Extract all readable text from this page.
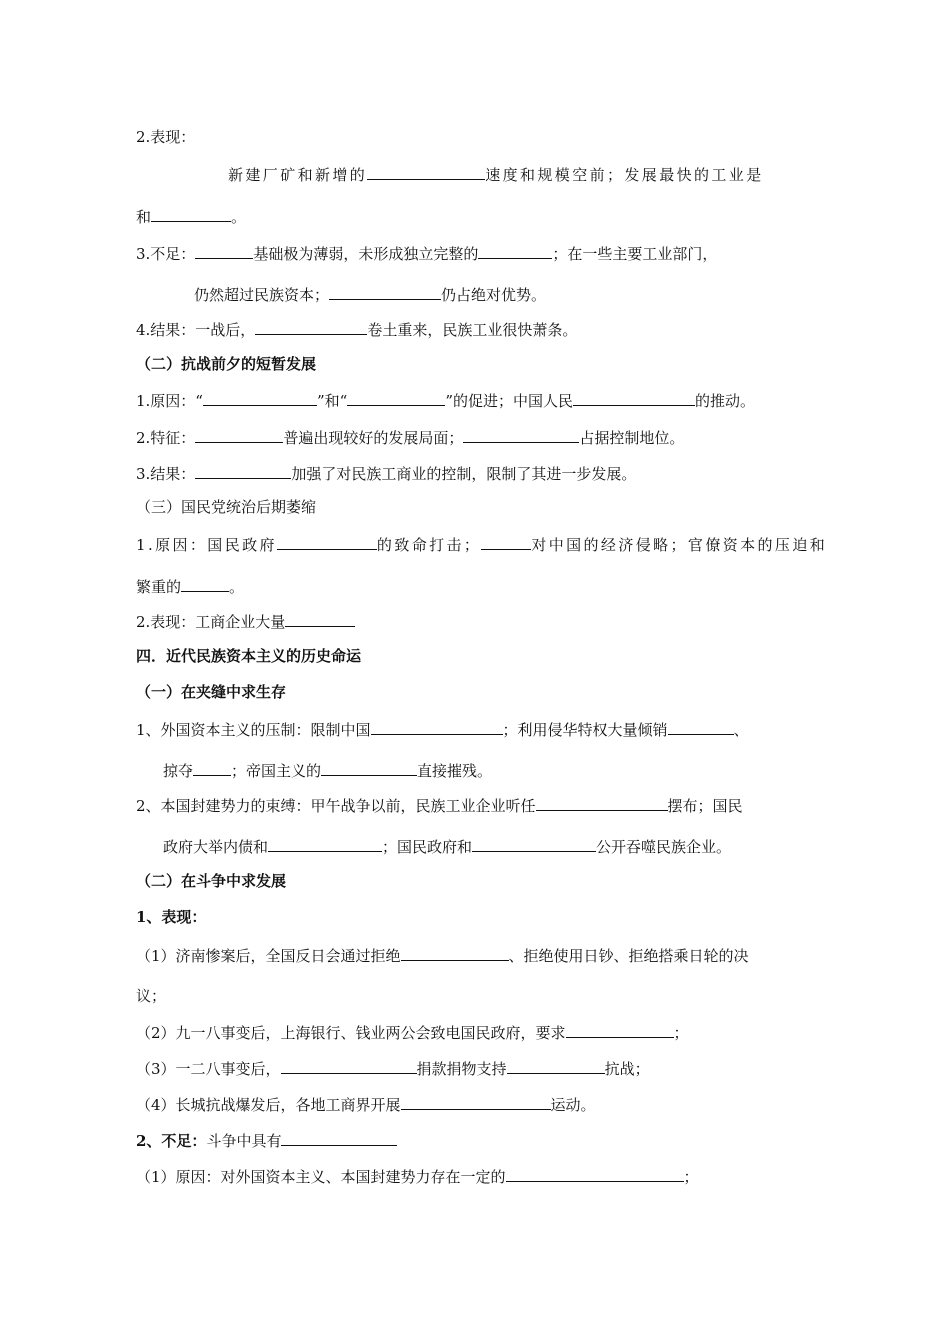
2.表现：
新建厂矿和新增的	速度和规模空前；发展最快的工业是
和	。
3.不足：	基础极为薄弱，未形成独立完整的	；在一些主要工业部门，
仍然超过民族资本；	仍占绝对优势。
4.结果：一战后，	卷土重来，民族工业很快萧条。
（二）抗战前夕的短暂发展
1.原因：“	”和“	”的促进；中国人民	的推动。
2.特征：	普遍出现较好的发展局面；	占据控制地位。
3.结果：	加强了对民族工商业的控制，限制了其进一步发展。
（三）国民党统治后期萎缩
1.原因：国民政府	的致命打击；	对中国的经济侵略；官僚资本的压迫和
繁重的	。
2.表现：工商企业大量
四．近代民族资本主义的历史命运
（一）在夹缝中求生存
1、外国资本主义的压制：限制中国	；利用侵华特权大量倾销	、
掠夺	；帝国主义的	直接摧残。
2、本国封建势力的束缚：甲午战争以前，民族工业企业听任	摆布；国民
政府大举内债和	；国民政府和	公开吞噬民族企业。
（二）在斗争中求发展
1、表现：
（1）济南惨案后，全国反日会通过拒绝	、拒绝使用日钞、拒绝搭乘日轮的决
议；
（2）九一八事变后，上海银行、钱业两公会致电国民政府，要求	；
（3）一二八事变后，	捐款捐物支持	抗战；
（4）长城抗战爆发后，各地工商界开展	运动。
2、不足：斗争中具有
（1）原因：对外国资本主义、本国封建势力存在一定的	；
